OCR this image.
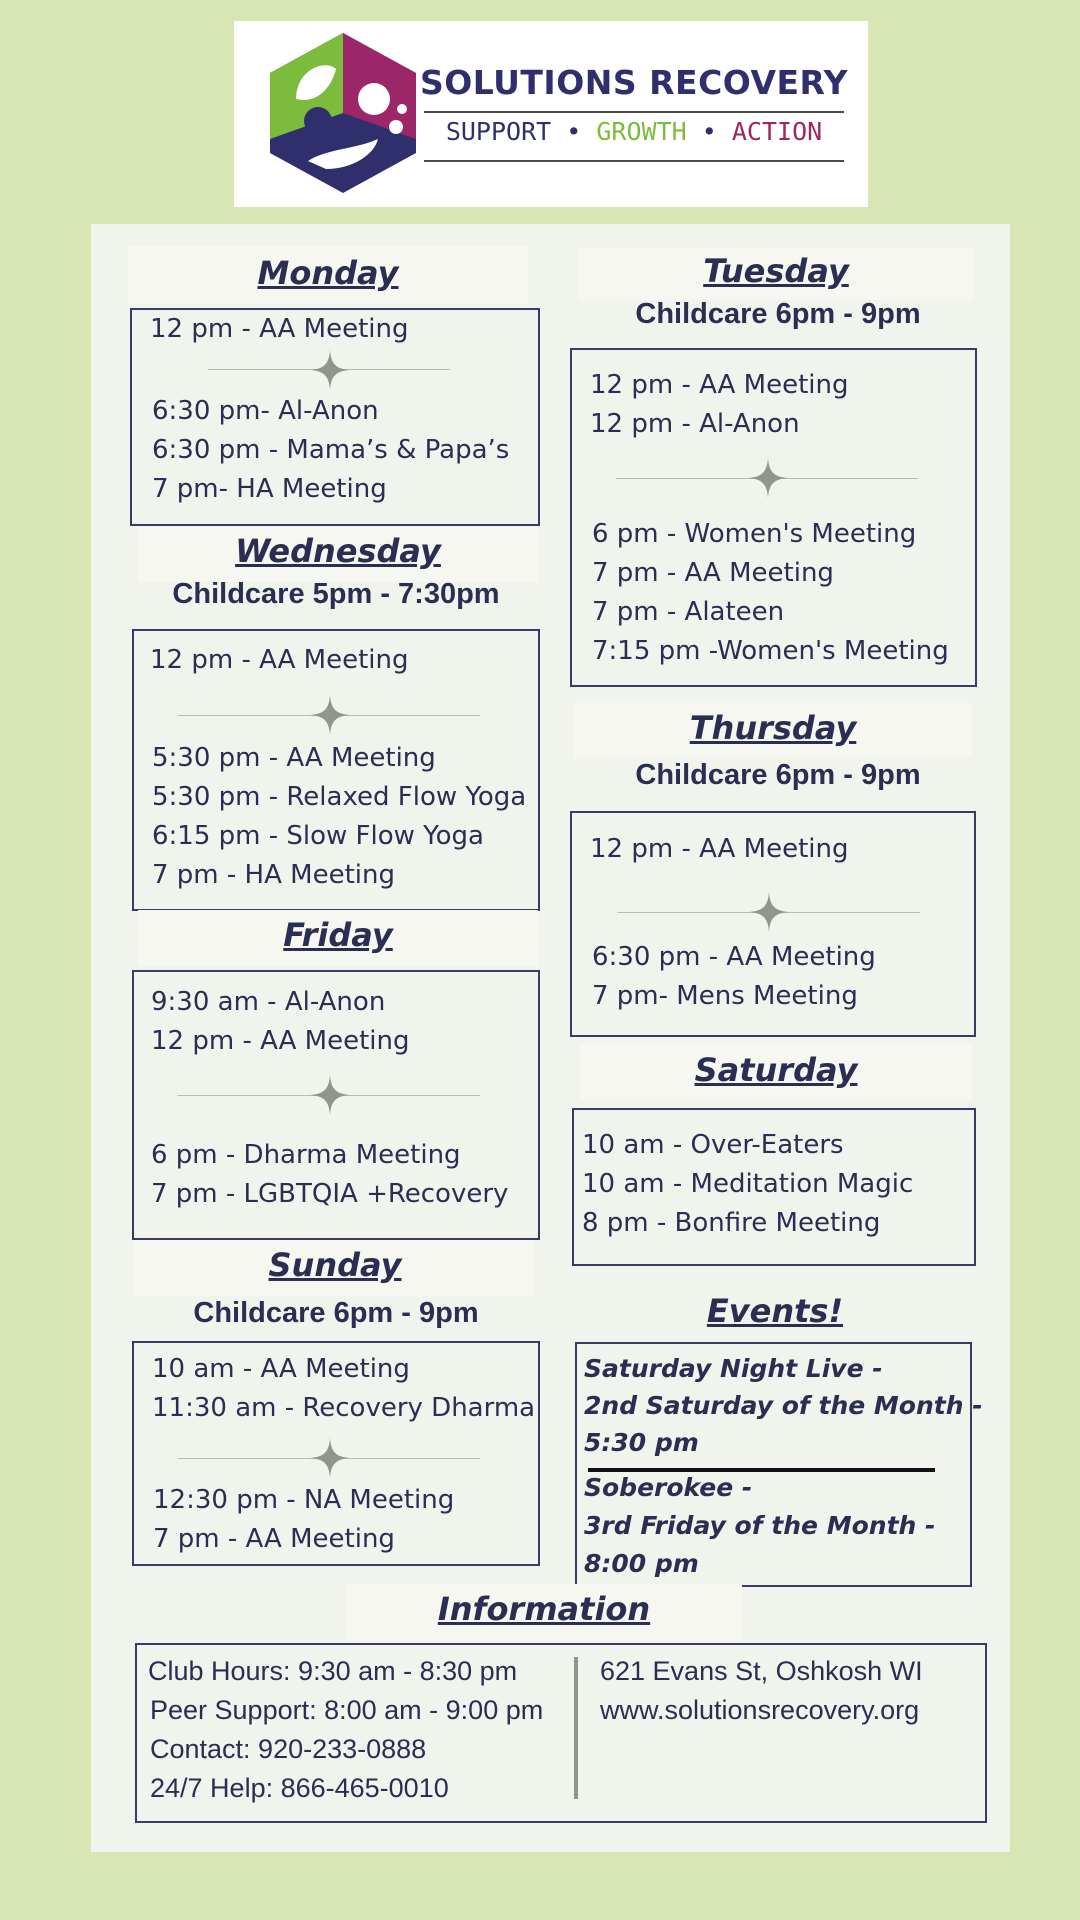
SOLUTIONS RECOVERY
SUPPORT • GROWTH • ACTION
Monday
12 pm - AA Meeting
6:30 pm- Al-Anon
6:30 pm - Mama’s & Papa’s
7 pm- HA Meeting
Wednesday
Childcare 5pm - 7:30pm
12 pm - AA Meeting
5:30 pm - AA Meeting
5:30 pm - Relaxed Flow Yoga
6:15 pm - Slow Flow Yoga
7 pm - HA Meeting
Friday
9:30 am - Al-Anon
12 pm - AA Meeting
6 pm - Dharma Meeting
7 pm - LGBTQIA +Recovery
Sunday
Childcare 6pm - 9pm
10 am - AA Meeting
11:30 am - Recovery Dharma
12:30 pm - NA Meeting
7 pm - AA Meeting
Tuesday
Childcare 6pm - 9pm
12 pm - AA Meeting
12 pm - Al-Anon
6 pm - Women's Meeting
7 pm - AA Meeting
7 pm - Alateen
7:15 pm -Women's Meeting
Thursday
Childcare 6pm - 9pm
12 pm - AA Meeting
6:30 pm - AA Meeting
7 pm- Mens Meeting
Saturday
10 am - Over-Eaters
10 am - Meditation Magic
8 pm - Bonfire Meeting
Events!
Saturday Night Live -
2nd Saturday of the Month -
5:30 pm
Soberokee -
3rd Friday of the Month -
8:00 pm
Information
Club Hours: 9:30 am - 8:30 pm
Peer Support: 8:00 am - 9:00 pm
Contact: 920-233-0888
24/7 Help: 866-465-0010
621 Evans St, Oshkosh WI
www.solutionsrecovery.org
